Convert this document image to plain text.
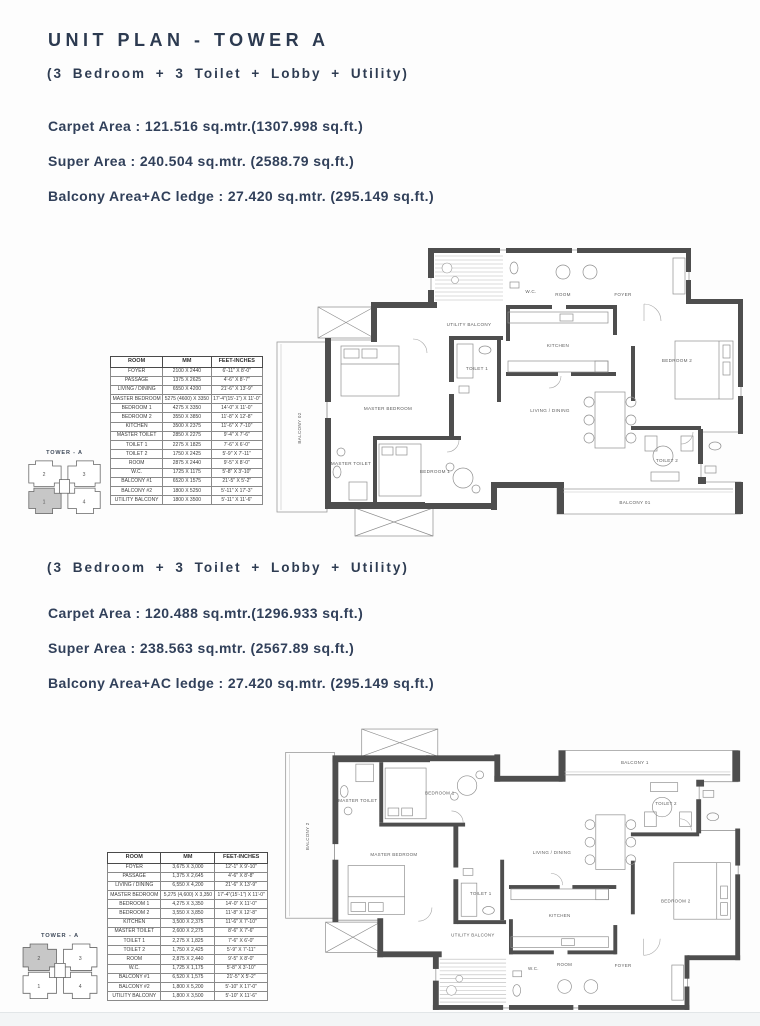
UNIT PLAN - TOWER A
(3 Bedroom + 3 Toilet + Lobby + Utility)

Carpet Area : 121.516 sq.mtr.(1307.998 sq.ft.)

Super Area : 240.504 sq.mtr. (2588.79 sq.ft.)

Balcony Area+AC ledge : 27.420 sq.mtr. (295.149 sq.ft.)

UTILITY BALCONY
W.C.
ROOM	FOYER
KITCHEN
LIVING / DINING
BEDROOM 2
TOILET 2
TOILET 1
MASTER BEDROOM
MASTER TOILET
BEDROOM 1
BALCONY 01
BALCONY 02
ROOM	MM	FEET-INCHES
FOYER	2100 X 2440	6'-11" X 8'-0"
PASSAGE	1375 X 2625	4'-6" X 8'-7"
LIVING / DINING	6550 X 4200	21'-6" X 13'-9"
MASTER BEDROOM	5275 (4600) X 3350	17'-4"(15'-1") X 11'-0"
BEDROOM 1	4275 X 3350	14'-0" X 11'-0"
BEDROOM 2	3550 X 3850	11'-8" X 12'-8"
KITCHEN	3500 X 2375	11'-6" X 7'-10"
MASTER TOILET	2850 X 2275	9'-4" X 7'-6"
TOILET 1	2275 X 1825	7'-6" X 6'-0"
TOILET 2	1750 X 2425	5'-9" X 7'-11"
ROOM	2875 X 2440	9'-5" X 8'-0"
W.C.	1725 X 1175	5'-8" X 3'-10"
BALCONY #1	6520 X 1575	21'-5" X 5'-2"
BALCONY #2	1800 X 5250	5'-11" X 17'-3"
UTILITY BALCONY	1800 X 3500	5'-11" X 11'-6"
TOWER - A
2	3
1	4
(3 Bedroom + 3 Toilet + Lobby + Utility)

Carpet Area : 120.488 sq.mtr.(1296.933 sq.ft.)

Super Area : 238.563 sq.mtr. (2567.89 sq.ft.)

Balcony Area+AC ledge : 27.420 sq.mtr. (295.149 sq.ft.)

UTILITY BALCONY
W.C.
ROOM	FOYER
KITCHEN
LIVING / DINING
BEDROOM 2
TOILET 2
TOILET 1
MASTER BEDROOM
MASTER TOILET
BEDROOM 1
BALCONY 1
BALCONY 2
ROOM	MM	FEET-INCHES
FOYER	3,675 X 3,000	12'-1" X 9'-10"
PASSAGE	1,375 X 2,645	4'-6" X 8'-8"
LIVING / DINING	6,550 X 4,200	21'-6" X 13'-9"
MASTER BEDROOM	5,275 (4,600) X 3,350	17'-4"(15'-1") X 11'-0"
BEDROOM 1	4,275 X 3,350	14'-0" X 11'-0"
BEDROOM 2	3,550 X 3,850	11'-8" X 12'-8"
KITCHEN	3,500 X 2,375	11'-6" X 7'-10"
MASTER TOILET	2,600 X 2,275	8'-6" X 7'-6"
TOILET 1	2,275 X 1,825	7'-6" X 6'-0"
TOILET 2	1,750 X 2,425	5'-9" X 7'-11"
ROOM	2,875 X 2,440	9'-5" X 8'-0"
W.C.	1,725 X 1,175	5'-8" X 3'-10"
BALCONY #1	6,520 X 1,575	21'-5" X 5'-2"
BALCONY #2	1,800 X 5,200	5'-10" X 17'-0"
UTILITY BALCONY	1,800 X 3,500	5'-10" X 11'-6"
TOWER - A
2	3
1	4
